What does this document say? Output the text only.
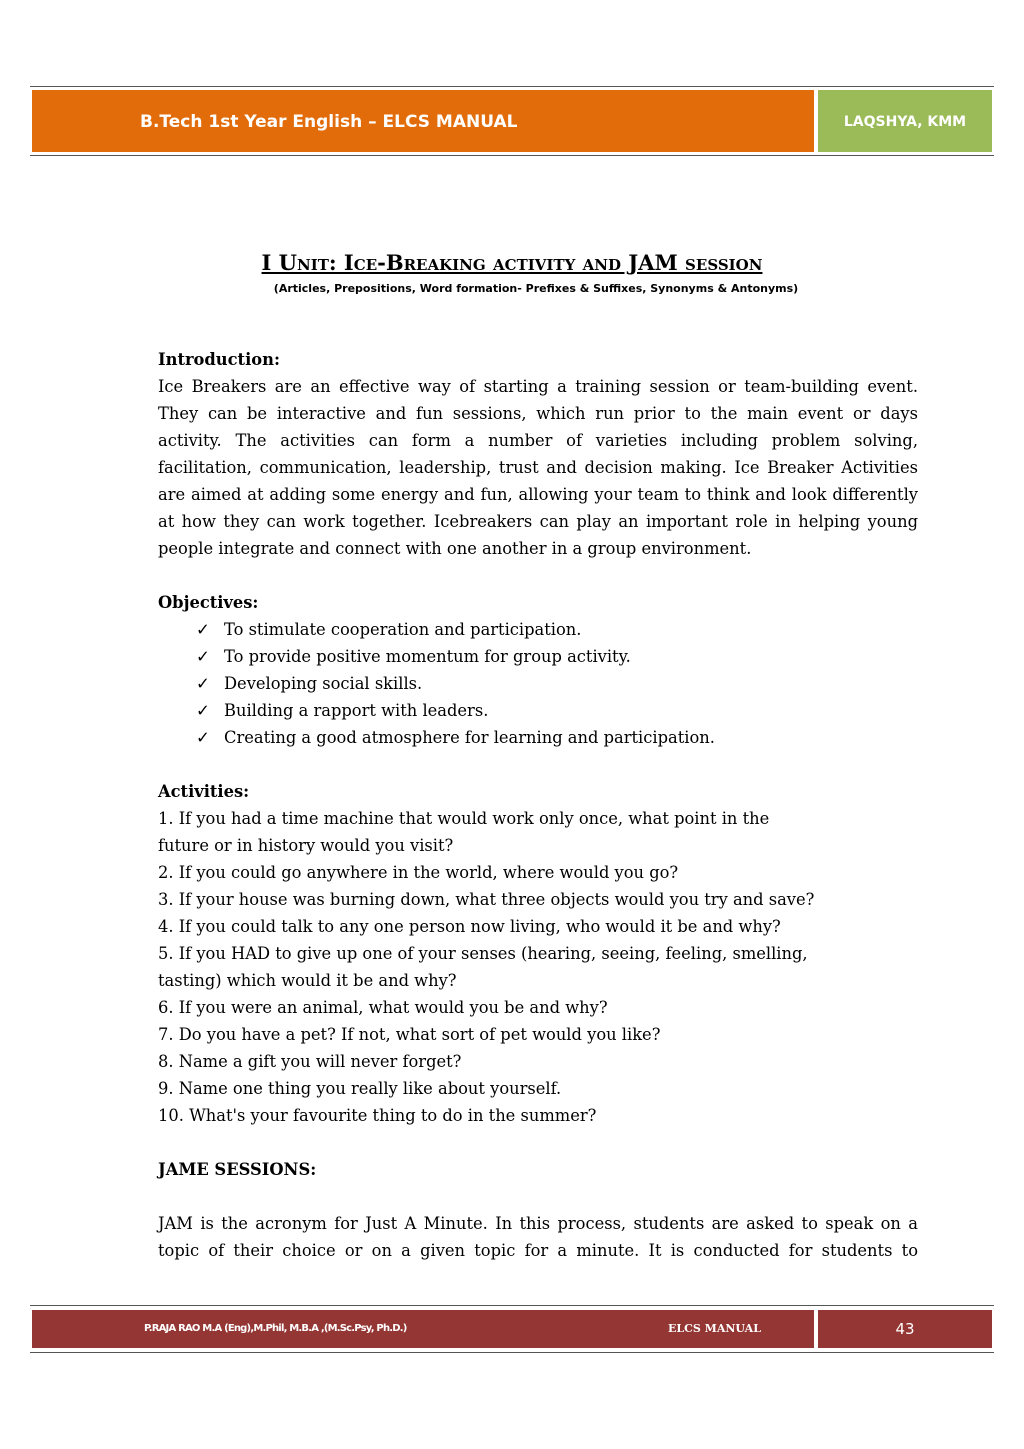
B.Tech 1st Year English – ELCS MANUAL	LAQSHYA, KMM
I Unit: Ice-Breaking activity and JAM session
(Articles, Prepositions, Word formation- Prefixes & Suffixes, Synonyms & Antonyms)

Introduction:

Ice Breakers are an effective way of starting a training session or team-building event. They can be interactive and fun sessions, which run prior to the main event or days activity. The activities can form a number of varieties including problem solving, facilitation, communication, leadership, trust and decision making. Ice Breaker Activities are aimed at adding some energy and fun, allowing your team to think and look differently at how they can work together. Icebreakers can play an important role in helping young people integrate and connect with one another in a group environment.

Objectives:

✓ To stimulate cooperation and participation.
✓ To provide positive momentum for group activity.
✓ Developing social skills.
✓ Building a rapport with leaders.
✓ Creating a good atmosphere for learning and participation.

Activities:

1. If you had a time machine that would work only once, what point in the future or in history would you visit?
2. If you could go anywhere in the world, where would you go?
3. If your house was burning down, what three objects would you try and save?
4. If you could talk to any one person now living, who would it be and why?
5. If you HAD to give up one of your senses (hearing, seeing, feeling, smelling, tasting) which would it be and why?
6. If you were an animal, what would you be and why?
7. Do you have a pet? If not, what sort of pet would you like?
8. Name a gift you will never forget?
9. Name one thing you really like about yourself.
10. What's your favourite thing to do in the summer?

JAME SESSIONS:

JAM is the acronym for Just A Minute. In this process, students are asked to speak on a topic of their choice or on a given topic for a minute. It is conducted for students to

P.RAJA RAO M.A (Eng),M.Phil, M.B.A ,(M.Sc.Psy, Ph.D.)	ELCS MANUAL	43
